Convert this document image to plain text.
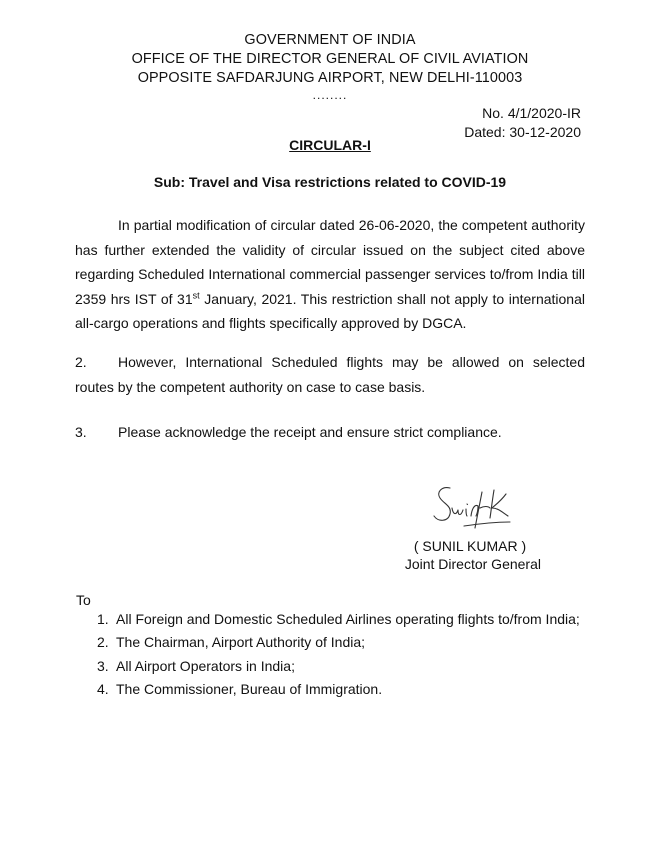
GOVERNMENT OF INDIA
OFFICE OF THE DIRECTOR GENERAL OF CIVIL AVIATION
OPPOSITE SAFDARJUNG AIRPORT, NEW DELHI-110003
........
No. 4/1/2020-IR
Dated: 30-12-2020
CIRCULAR-I
Sub: Travel and Visa restrictions related to COVID-19
In partial modification of circular dated 26-06-2020, the competent authority has further extended the validity of circular issued on the subject cited above regarding Scheduled International commercial passenger services to/from India till 2359 hrs IST of 31st January, 2021. This restriction shall not apply to international all-cargo operations and flights specifically approved by DGCA.
2. However, International Scheduled flights may be allowed on selected routes by the competent authority on case to case basis.
3. Please acknowledge the receipt and ensure strict compliance.
( SUNIL KUMAR )
Joint Director General
To
1. All Foreign and Domestic Scheduled Airlines operating flights to/from India;
2. The Chairman, Airport Authority of India;
3. All Airport Operators in India;
4. The Commissioner, Bureau of Immigration.
